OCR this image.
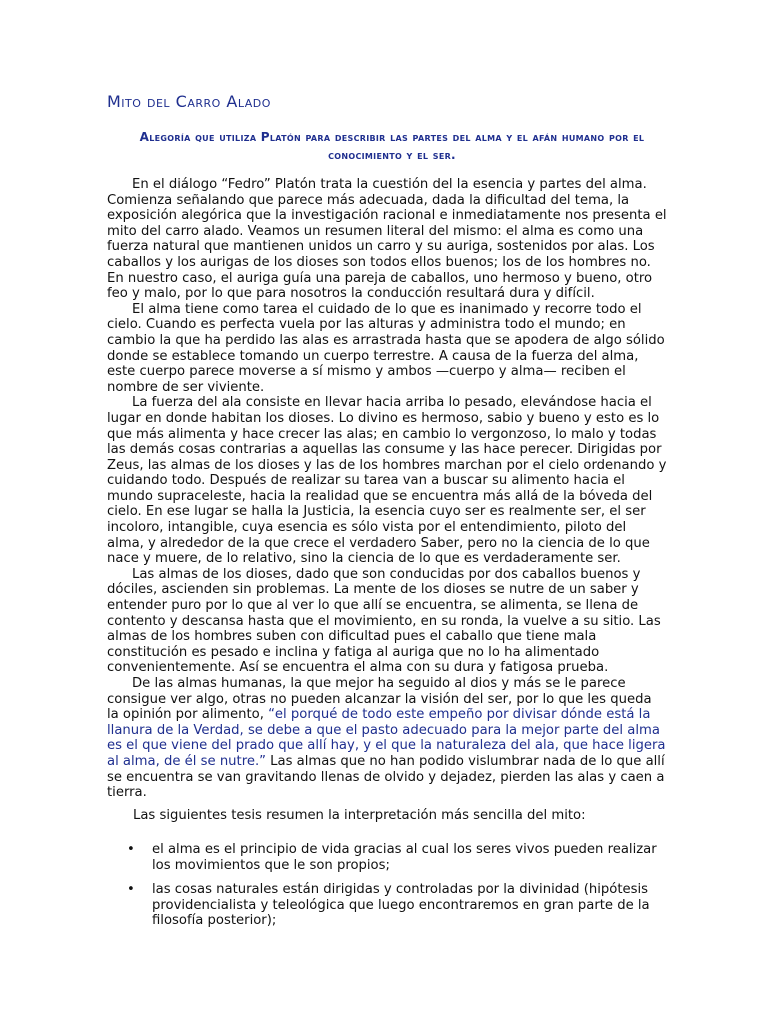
Mito del Carro Alado
Alegoría que utiliza Platón para describir las partes del alma y el afán humano por el conocimiento y el ser.

En el diálogo “Fedro” Platón trata la cuestión del la esencia y partes del alma. Comienza señalando que parece más adecuada, dada la dificultad del tema, la exposición alegórica que la investigación racional e inmediatamente nos presenta el mito del carro alado. Veamos un resumen literal del mismo: el alma es como una fuerza natural que mantienen unidos un carro y su auriga, sostenidos por alas. Los caballos y los aurigas de los dioses son todos ellos buenos; los de los hombres no. En nuestro caso, el auriga guía una pareja de caballos, uno hermoso y bueno, otro feo y malo, por lo que para nosotros la conducción resultará dura y difícil.

El alma tiene como tarea el cuidado de lo que es inanimado y recorre todo el cielo. Cuando es perfecta vuela por las alturas y administra todo el mundo; en cambio la que ha perdido las alas es arrastrada hasta que se apodera de algo sólido donde se establece tomando un cuerpo terrestre. A causa de la fuerza del alma, este cuerpo parece moverse a sí mismo y ambos —cuerpo y alma— reciben el nombre de ser viviente.

La fuerza del ala consiste en llevar hacia arriba lo pesado, elevándose hacia el lugar en donde habitan los dioses. Lo divino es hermoso, sabio y bueno y esto es lo que más alimenta y hace crecer las alas; en cambio lo vergonzoso, lo malo y todas las demás cosas contrarias a aquellas las consume y las hace perecer. Dirigidas por Zeus, las almas de los dioses y las de los hombres marchan por el cielo ordenando y cuidando todo. Después de realizar su tarea van a buscar su alimento hacia el mundo supraceleste, hacia la realidad que se encuentra más allá de la bóveda del cielo. En ese lugar se halla la Justicia, la esencia cuyo ser es realmente ser, el ser incoloro, intangible, cuya esencia es sólo vista por el entendimiento, piloto del alma, y alrededor de la que crece el verdadero Saber, pero no la ciencia de lo que nace y muere, de lo relativo, sino la ciencia de lo que es verdaderamente ser.

Las almas de los dioses, dado que son conducidas por dos caballos buenos y dóciles, ascienden sin problemas. La mente de los dioses se nutre de un saber y entender puro por lo que al ver lo que allí se encuentra, se alimenta, se llena de contento y descansa hasta que el movimiento, en su ronda, la vuelve a su sitio. Las almas de los hombres suben con dificultad pues el caballo que tiene mala constitución es pesado e inclina y fatiga al auriga que no lo ha alimentado convenientemente. Así se encuentra el alma con su dura y fatigosa prueba.

De las almas humanas, la que mejor ha seguido al dios y más se le parece consigue ver algo, otras no pueden alcanzar la visión del ser, por lo que les queda la opinión por alimento, “el porqué de todo este empeño por divisar dónde está la llanura de la Verdad, se debe a que el pasto adecuado para la mejor parte del alma es el que viene del prado que allí hay, y el que la naturaleza del ala, que hace ligera al alma, de él se nutre.” Las almas que no han podido vislumbrar nada de lo que allí se encuentra se van gravitando llenas de olvido y dejadez, pierden las alas y caen a tierra.

Las siguientes tesis resumen la interpretación más sencilla del mito:
• el alma es el principio de vida gracias al cual los seres vivos pueden realizar los movimientos que le son propios;
• las cosas naturales están dirigidas y controladas por la divinidad (hipótesis providencialista y teleológica que luego encontraremos en gran parte de la filosofía posterior);
